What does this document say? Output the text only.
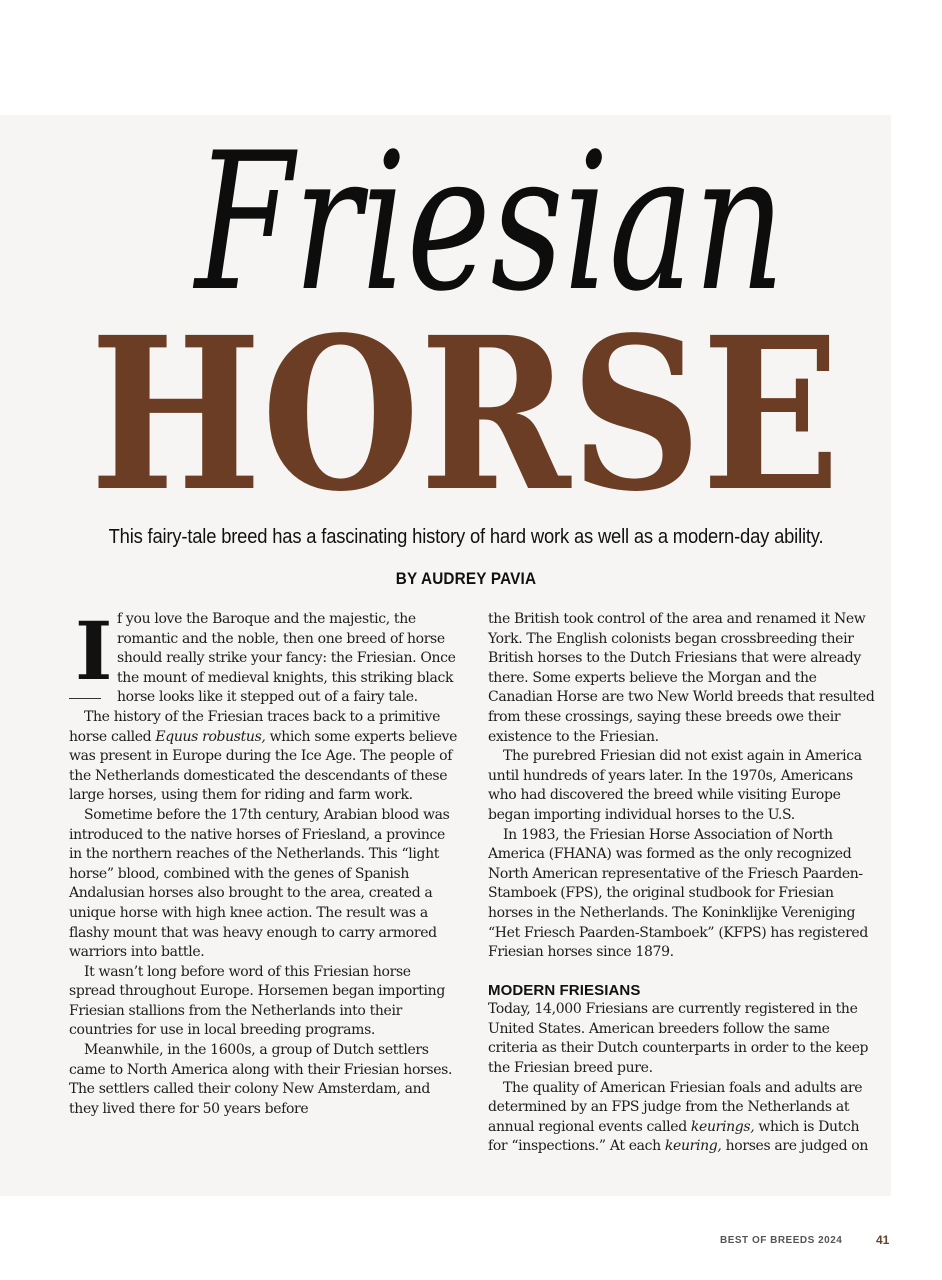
HORSE
Friesian
This fairy-tale breed has a fascinating history of hard work as well as a modern-day ability.
BY AUDREY PAVIA

I f you love the Baroque and the majestic, the romantic and the noble, then one breed of horse should really strike your fancy: the Friesian. Once the mount of medieval knights, this striking black horse looks like it stepped out of a fairy tale.

The history of the Friesian traces back to a primitive horse called Equus robustus, which some experts believe was present in Europe during the Ice Age. The people of the Netherlands domesticated the descendants of these large horses, using them for riding and farm work.

Sometime before the 17th century, Arabian blood was introduced to the native horses of Friesland, a province in the northern reaches of the Netherlands. This “light horse” blood, combined with the genes of Spanish Andalusian horses also brought to the area, created a unique horse with high knee action. The result was a flashy mount that was heavy enough to carry armored warriors into battle.

It wasn’t long before word of this Friesian horse spread throughout Europe. Horsemen began importing Friesian stallions from the Netherlands into their countries for use in local breeding programs.

Meanwhile, in the 1600s, a group of Dutch settlers came to North America along with their Friesian horses. The settlers called their colony New Amsterdam, and they lived there for 50 years before

the British took control of the area and renamed it New York. The English colonists began crossbreeding their British horses to the Dutch Friesians that were already there. Some experts believe the Morgan and the Canadian Horse are two New World breeds that resulted from these crossings, saying these breeds owe their existence to the Friesian.

The purebred Friesian did not exist again in America until hundreds of years later. In the 1970s, Americans who had discovered the breed while visiting Europe began importing individual horses to the U.S.

In 1983, the Friesian Horse Association of North America (FHANA) was formed as the only recognized North American representative of the Friesch Paarden-Stamboek (FPS), the original studbook for Friesian horses in the Netherlands. The Koninklijke Vereniging “Het Friesch Paarden-Stamboek” (KFPS) has registered Friesian horses since 1879.

MODERN FRIESIANS

Today, 14,000 Friesians are currently registered in the United States. American breeders follow the same criteria as their Dutch counterparts in order to the keep the Friesian breed pure.

The quality of American Friesian foals and adults are determined by an FPS judge from the Netherlands at annual regional events called keurings, which is Dutch for “inspections.” At each keuring, horses are judged on

BEST OF BREEDS 2024	41
